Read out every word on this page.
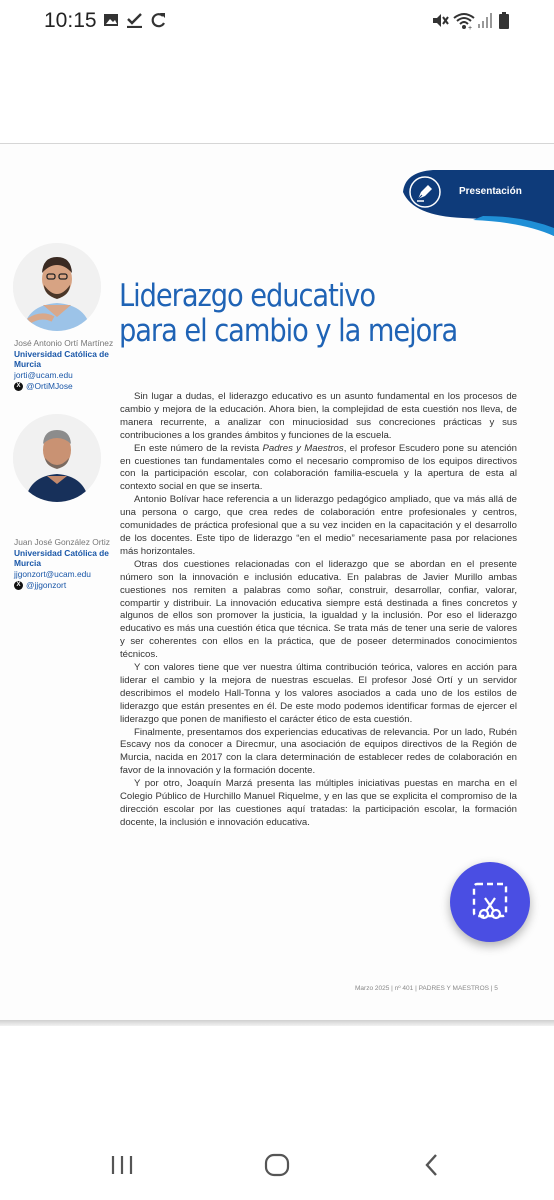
10:15	+
Presentación
Liderazgo educativo
para el cambio y la mejora
José Antonio Ortí Martínez
Universidad Católica de Murcia
jorti@ucam.edu
X @OrtiMJose
Juan José González Ortiz
Universidad Católica de Murcia
jjgonzort@ucam.edu
X @jjgonzort

Sin lugar a dudas, el liderazgo educativo es un asunto fundamental en los procesos de cambio y mejora de la educación. Ahora bien, la complejidad de esta cuestión nos lleva, de manera recurrente, a analizar con minuciosidad sus concreciones prácticas y sus contribuciones a los grandes ámbitos y funciones de la escuela.

En este número de la revista Padres y Maestros, el profesor Escudero pone su atención en cuestiones tan fundamentales como el necesario compromiso de los equipos directivos con la participación escolar, con colaboración familia-escuela y la apertura de esta al contexto social en que se inserta.

Antonio Bolívar hace referencia a un liderazgo pedagógico ampliado, que va más allá de una persona o cargo, que crea redes de colaboración entre profesionales y centros, comunidades de práctica profesional que a su vez inciden en la capacitación y el desarrollo de los docentes. Este tipo de liderazgo “en el medio” necesariamente pasa por relaciones más horizontales.

Otras dos cuestiones relacionadas con el liderazgo que se abordan en el presente número son la innovación e inclusión educativa. En palabras de Javier Murillo ambas cuestiones nos remiten a palabras como soñar, construir, desarrollar, confiar, valorar, compartir y distribuir. La innovación educativa siempre está destinada a fines concretos y algunos de ellos son promover la justicia, la igualdad y la inclusión. Por eso el liderazgo educativo es más una cuestión ética que técnica. Se trata más de tener una serie de valores y ser coherentes con ellos en la práctica, que de poseer determinados conocimientos técnicos.

Y con valores tiene que ver nuestra última contribución teórica, valores en acción para liderar el cambio y la mejora de nuestras escuelas. El profesor José Ortí y un servidor describimos el modelo Hall-Tonna y los valores asociados a cada uno de los estilos de liderazgo que están presentes en él. De este modo podemos identificar formas de ejercer el liderazgo que ponen de manifiesto el carácter ético de esta cuestión.

Finalmente, presentamos dos experiencias educativas de relevancia. Por un lado, Rubén Escavy nos da conocer a Direcmur, una asociación de equipos directivos de la Región de Murcia, nacida en 2017 con la clara determinación de establecer redes de colaboración en favor de la innovación y la formación docente.

Y por otro, Joaquín Marzá presenta las múltiples iniciativas puestas en marcha en el Colegio Público de Hurchillo Manuel Riquelme, y en las que se explicita el compromiso de la dirección escolar por las cuestiones aquí tratadas: la participación escolar, la formación docente, la inclusión e innovación educativa.

Marzo 2025 | nº 401 | PADRES Y MAESTROS | 5
